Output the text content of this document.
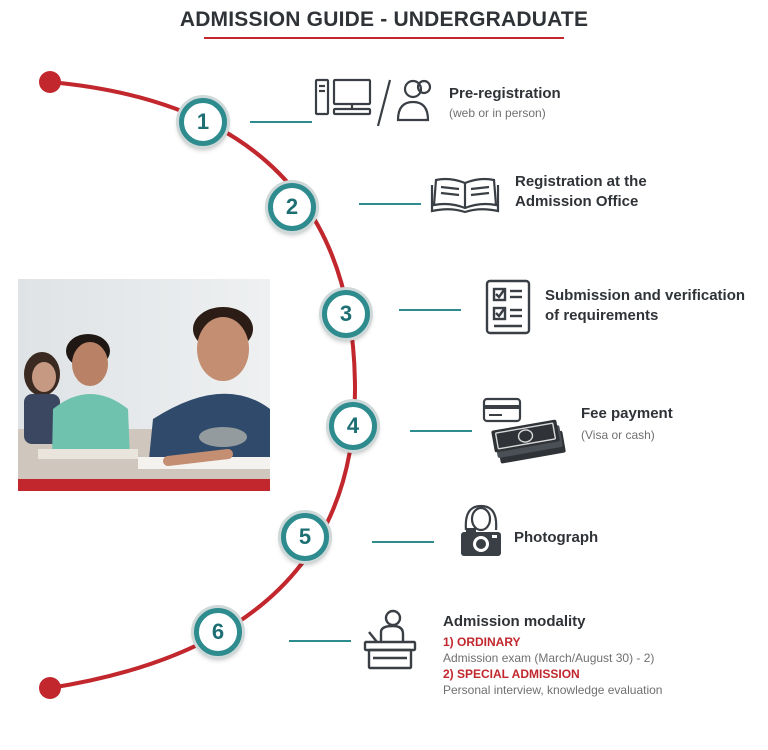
ADMISSION GUIDE - UNDERGRADUATE
1
2
3
4
5
6
Pre-registration
(web or in person)
Registration at the
Admission Office
Submission and verification
of requirements
Fee payment
(Visa or cash)
Photograph
Admission modality
1) ORDINARY
Admission exam (March/August 30) - 2)
2) SPECIAL ADMISSION
Personal interview, knowledge evaluation
